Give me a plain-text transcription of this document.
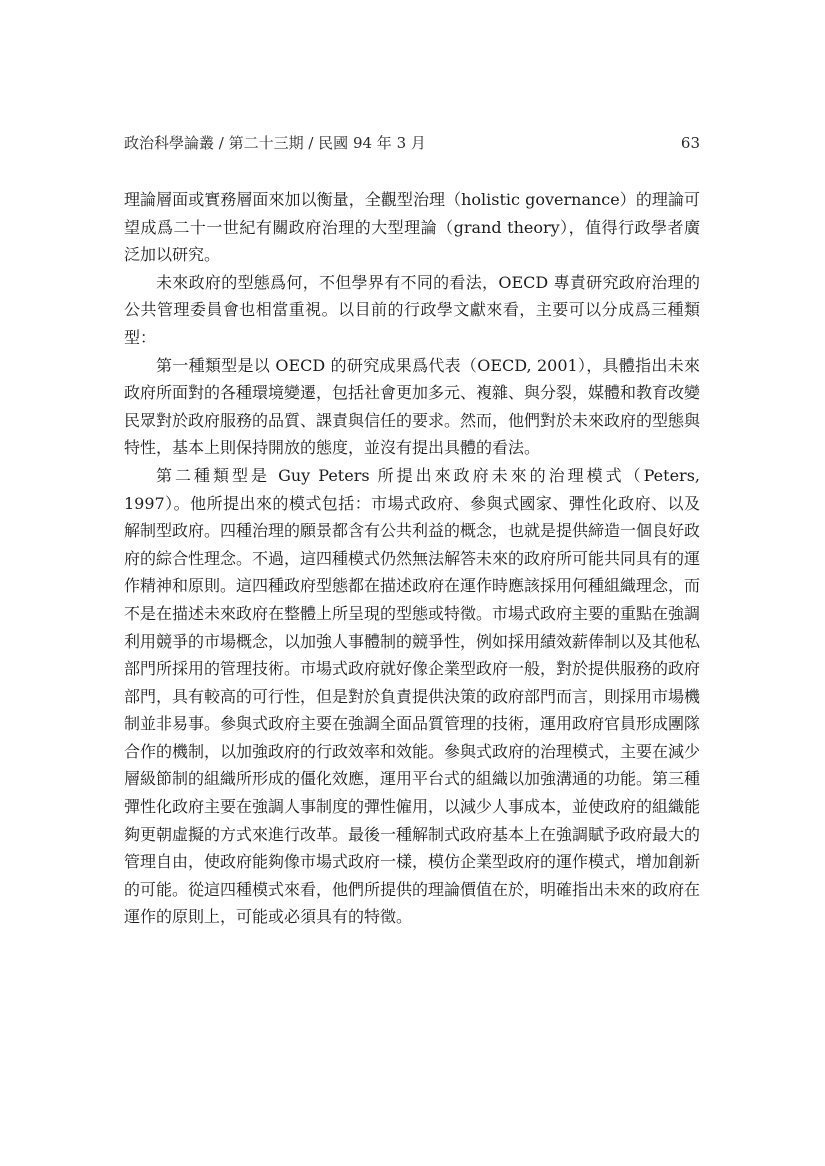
政治科學論叢 / 第二十三期 / 民國 94 年 3 月	63

理論層面或實務層面來加以衡量，全觀型治理（holistic governance）的理論可望成爲二十一世紀有關政府治理的大型理論（grand theory），值得行政學者廣泛加以研究。

未來政府的型態爲何，不但學界有不同的看法，OECD 專責研究政府治理的公共管理委員會也相當重視。以目前的行政學文獻來看，主要可以分成爲三種類型：

第一種類型是以 OECD 的研究成果爲代表（OECD, 2001），具體指出未來政府所面對的各種環境變遷，包括社會更加多元、複雜、與分裂，媒體和教育改變民眾對於政府服務的品質、課責與信任的要求。然而，他們對於未來政府的型態與特性，基本上則保持開放的態度，並沒有提出具體的看法。

第二種類型是 Guy Peters 所提出來政府未來的治理模式（Peters, 1997）。他所提出來的模式包括：市場式政府、參與式國家、彈性化政府、以及解制型政府。四種治理的願景都含有公共利益的概念，也就是提供締造一個良好政府的綜合性理念。不過，這四種模式仍然無法解答未來的政府所可能共同具有的運作精神和原則。這四種政府型態都在描述政府在運作時應該採用何種組織理念，而不是在描述未來政府在整體上所呈現的型態或特徵。市場式政府主要的重點在強調利用競爭的市場概念，以加強人事體制的競爭性，例如採用績效薪俸制以及其他私部門所採用的管理技術。市場式政府就好像企業型政府一般，對於提供服務的政府部門，具有較高的可行性，但是對於負責提供決策的政府部門而言，則採用市場機制並非易事。參與式政府主要在強調全面品質管理的技術，運用政府官員形成團隊合作的機制，以加強政府的行政效率和效能。參與式政府的治理模式，主要在減少層級節制的組織所形成的僵化效應，運用平台式的組織以加強溝通的功能。第三種彈性化政府主要在強調人事制度的彈性僱用，以減少人事成本，並使政府的組織能夠更朝虛擬的方式來進行改革。最後一種解制式政府基本上在強調賦予政府最大的管理自由，使政府能夠像市場式政府一樣，模仿企業型政府的運作模式，增加創新的可能。從這四種模式來看，他們所提供的理論價值在於，明確指出未來的政府在運作的原則上，可能或必須具有的特徵。
